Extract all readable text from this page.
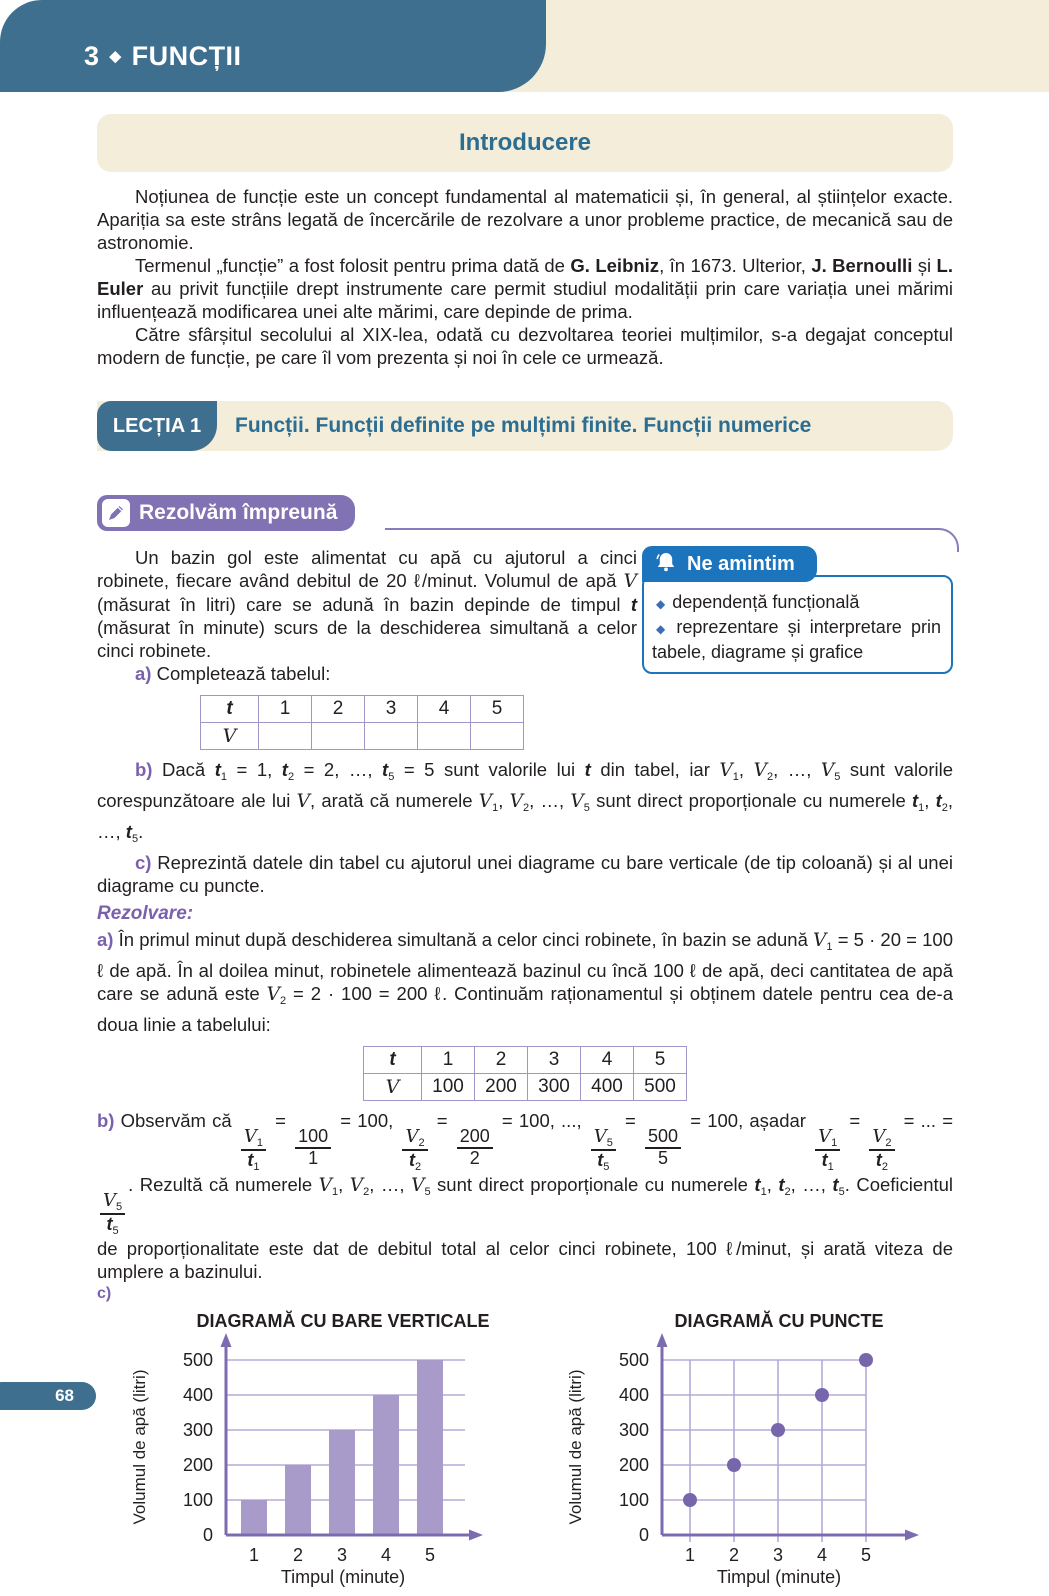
3 ◆ FUNCȚII
Introducere

Noțiunea de funcție este un concept fundamental al matematicii și, în general, al științelor exacte. Apariția sa este strâns legată de încercările de rezolvare a unor probleme practice, de mecanică sau de astronomie.

Termenul „funcție” a fost folosit pentru prima dată de G. Leibniz, în 1673. Ulterior, J. Bernoulli și L. Euler au privit funcțiile drept instrumente care permit studiul modalității prin care variația unei mărimi influențează modificarea unei alte mărimi, care depinde de prima.

Către sfârșitul secolului al XIX-lea, odată cu dezvoltarea teoriei mulțimilor, s-a degajat conceptul modern de funcție, pe care îl vom prezenta și noi în cele ce urmează.

LECȚIA 1	Funcții. Funcții definite pe mulțimi finite. Funcții numerice
Rezolvăm împreună

Un bazin gol este alimentat cu apă cu ajutorul a cinci robinete, fiecare având debitul de 20 ℓ/minut. Volumul de apă V (măsurat în litri) care se adună în bazin depinde de timpul t (măsurat în minute) scurs de la deschiderea simultană a celor cinci robinete.

a) Completează tabelul:

Ne amintim
◆ dependență funcțională
◆ reprezentare și interpretare prin tabele, diagrame și grafice
t	1	2	3	4	5
V					

b) Dacă $t_1 = 1$, $t_2 = 2$, …, $t_5 = 5$ sunt valorile lui t din tabel, iar $V_1$, $V_2$, …, $V_5$ sunt valorile corespunzătoare ale lui V, arată că numerele $V_1$, $V_2$, …, $V_5$ sunt direct proporționale cu numerele $t_1$, $t_2$, …, $t_5$.

c) Reprezintă datele din tabel cu ajutorul unei diagrame cu bare verticale (de tip coloană) și al unei diagrame cu puncte.

Rezolvare:

a) În primul minut după deschiderea simultană a celor cinci robinete, în bazin se adună $V_1 = 5 \cdot 20 = 100$ ℓ de apă. În al doilea minut, robinetele alimentează bazinul cu încă 100 ℓ de apă, deci cantitatea de apă care se adună este $V_2 = 2 \cdot 100 = 200$ ℓ. Continuăm raționamentul și obținem datele pentru cea de-a doua linie a tabelului:

t	1	2	3	4	5
V	100	200	300	400	500

b) Observăm că
$\frac{V_1}{t_1}$
=
$\frac{100}{1}$
= 100,
$\frac{V_2}{t_2}$
=
$\frac{200}{2}$
= 100, ...,
$\frac{V_5}{t_5}$
=
$\frac{500}{5}$
= 100, așadar
$\frac{V_1}{t_1}$
=
$\frac{V_2}{t_2}$
= ... =
$\frac{V_5}{t_5}$
. Rezultă că numerele $V_1$, $V_2$, …, $V_5$ sunt direct proporționale cu numerele $t_1$, $t_2$, …, $t_5$. Coeficientul de proporționalitate este dat de debitul total al celor cinci robinete, 100 ℓ/minut, și arată viteza de umplere a bazinului.

c)
DIAGRAMĂ CU BARE VERTICALE
Volumul de apă (litri)
0
100
200
300
400
500
1 2 3 4 5
Timpul (minute)
DIAGRAMĂ CU PUNCTE
Volumul de apă (litri)
0
100
200
300
400
500
1 2 3 4 5
Timpul (minute)
68
